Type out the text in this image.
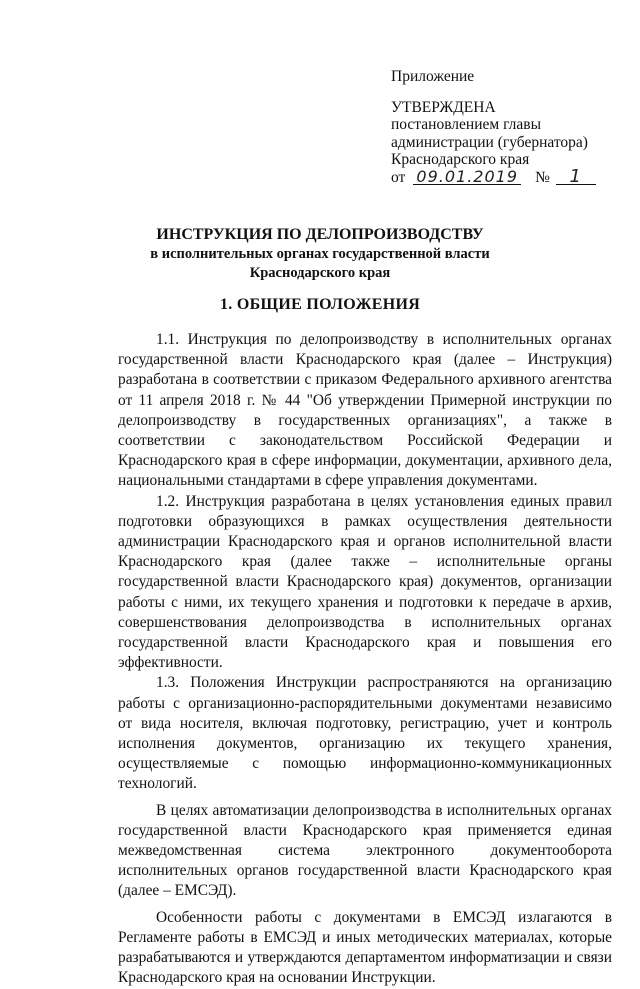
Приложение
УТВЕРЖДЕНА
постановлением главы
администрации (губернатора)
Краснодарского края
от 09.01.2019 № 1
ИНСТРУКЦИЯ ПО ДЕЛОПРОИЗВОДСТВУ
в исполнительных органах государственной власти
Краснодарского края
1. ОБЩИЕ ПОЛОЖЕНИЯ

1.1. Инструкция по делопроизводству в исполнительных органах государственной власти Краснодарского края (далее – Инструкция) разработана в соответствии с приказом Федерального архивного агентства от 11 апреля 2018 г. № 44 "Об утверждении Примерной инструкции по делопроизводству в государственных организациях", а также в соответствии с законодательством Российской Федерации и Краснодарского края в сфере информации, документации, архивного дела, национальными стандартами в сфере управления документами.

1.2. Инструкция разработана в целях установления единых правил подготовки образующихся в рамках осуществления деятельности администрации Краснодарского края и органов исполнительной власти Краснодарского края (далее также – исполнительные органы государственной власти Краснодарского края) документов, организации работы с ними, их текущего хранения и подготовки к передаче в архив, совершенствования делопроизводства в исполнительных органах государственной власти Краснодарского края и повышения его эффективности.

1.3. Положения Инструкции распространяются на организацию работы с организационно-распорядительными документами независимо от вида носителя, включая подготовку, регистрацию, учет и контроль исполнения документов, организацию их текущего хранения, осуществляемые с помощью информационно-коммуникационных технологий.

В целях автоматизации делопроизводства в исполнительных органах государственной власти Краснодарского края применяется единая межведомственная система электронного документооборота исполнительных органов государственной власти Краснодарского края (далее – ЕМСЭД).

Особенности работы с документами в ЕМСЭД излагаются в Регламенте работы в ЕМСЭД и иных методических материалах, которые разрабатываются и утверждаются департаментом информатизации и связи Краснодарского края на основании Инструкции.
